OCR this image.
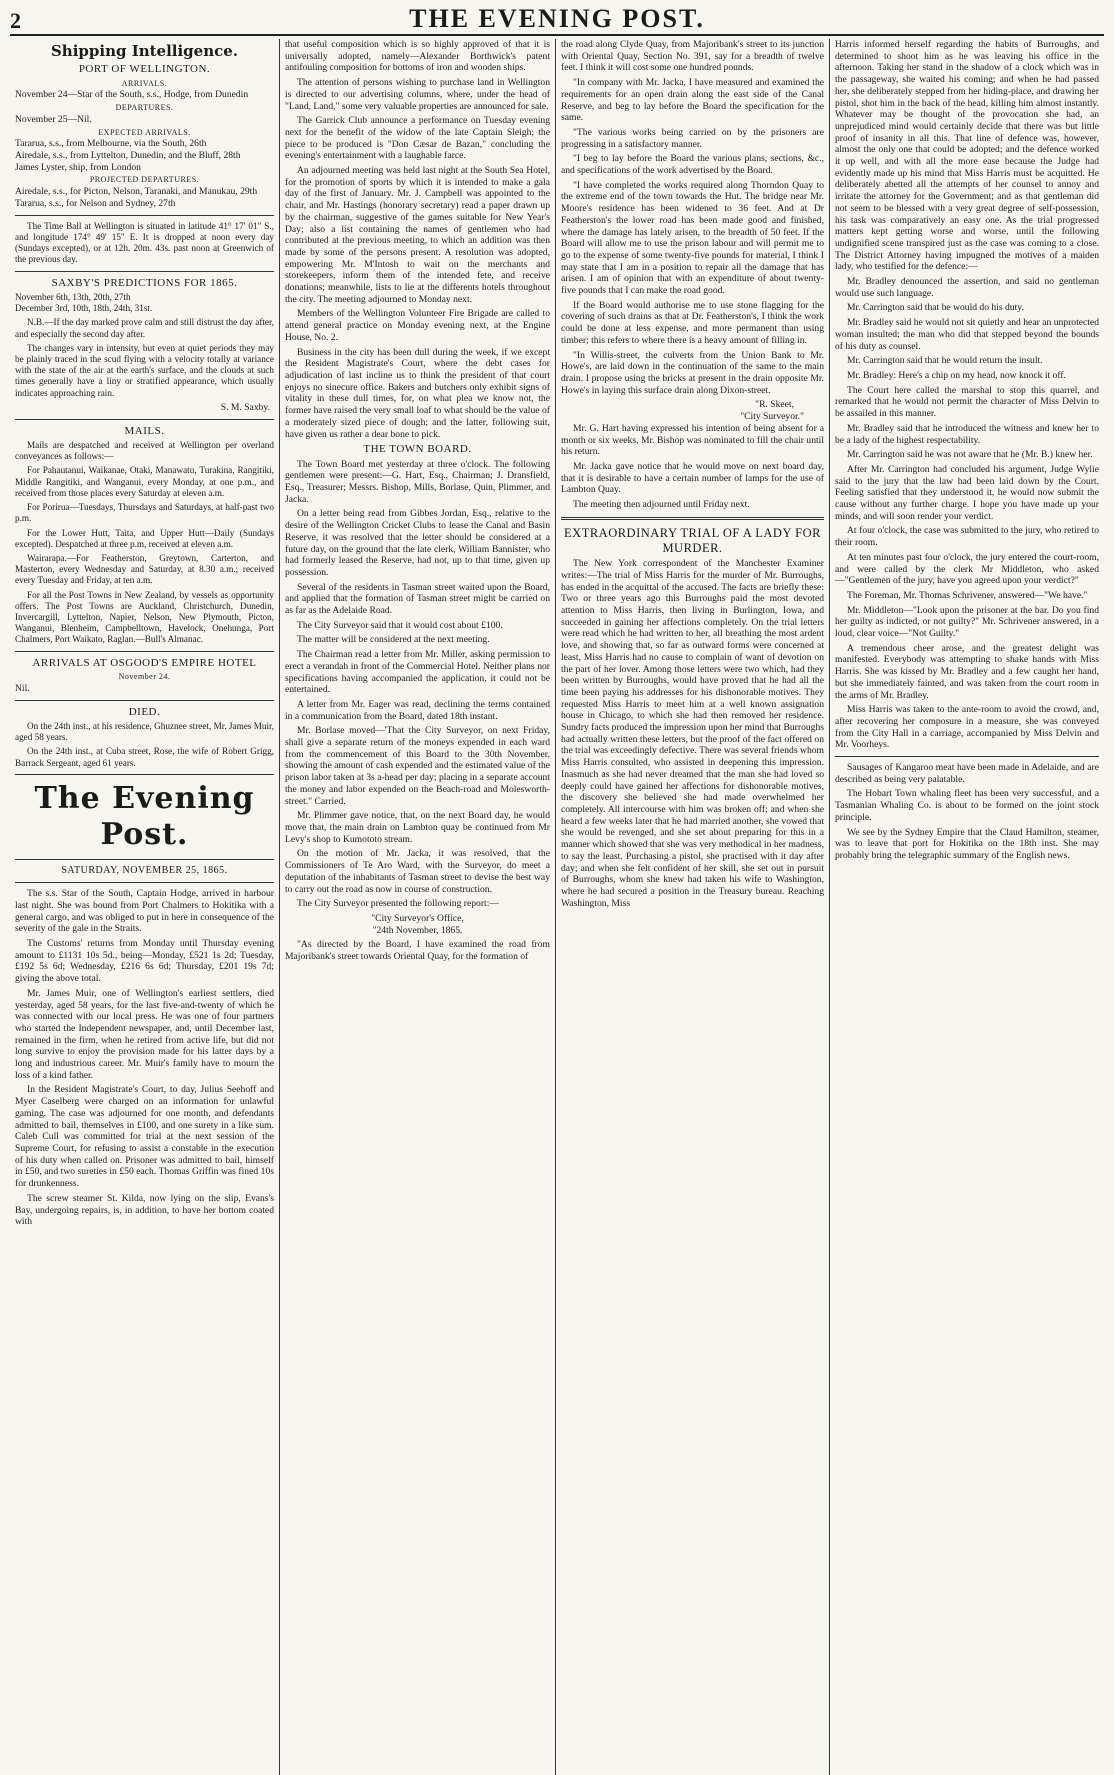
2	THE EVENING POST.
Shipping Intelligence.
PORT OF WELLINGTON.
ARRIVALS.

November 24—Star of the South, s.s., Hodge, from Dunedin

DEPARTURES.

November 25—Nil.

EXPECTED ARRIVALS.

Tararua, s.s., from Melbourne, via the South, 26th

Airedale, s.s., from Lyttelton, Dunedin, and the Bluff, 28th

James Lyster, ship, from London

PROJECTED DEPARTURES.

Airedale, s.s., for Picton, Nelson, Taranaki, and Manukau, 29th

Tararua, s.s., for Nelson and Sydney, 27th

The Time Ball at Wellington is situated in latitude 41° 17' 01" S., and longitude 174° 49' 15" E. It is dropped at noon every day (Sundays excepted), or at 12h. 20m. 43s. past noon at Greenwich of the previous day.

SAXBY'S PREDICTIONS FOR 1865.

November 6th, 13th, 20th, 27th
December 3rd, 10th, 18th, 24th, 31st.

N.B.—If the day marked prove calm and still distrust the day after, and especially the second day after.

The changes vary in intensity, but even at quiet periods they may be plainly traced in the scud flying with a velocity totally at variance with the state of the air at the earth's surface, and the clouds at such times generally have a liny or stratified appearance, which usually indicates approaching rain.

S. M. Saxby.
MAILS.

Mails are despatched and received at Wellington per overland conveyances as follows:—

For Pahautanui, Waikanae, Otaki, Manawatu, Turakina, Rangitiki, Middle Rangitiki, and Wanganui, every Monday, at one p.m., and received from those places every Saturday at eleven a.m.

For Porirua—Tuesdays, Thursdays and Saturdays, at half-past two p.m.

For the Lower Hutt, Taita, and Upper Hutt—Daily (Sundays excepted). Despatched at three p.m, received at eleven a.m.

Wairarapa.—For Featherston, Greytown, Carterton, and Masterton, every Wednesday and Saturday, at 8.30 a.m.; received every Tuesday and Friday, at ten a.m.

For all the Post Towns in New Zealand, by vessels as opportunity offers. The Post Towns are Auckland, Christchurch, Dunedin, Invercargill, Lyttelton, Napier, Nelson, New Plymouth, Picton, Wanganui, Blenheim, Campbelltown, Havelock, Onehunga, Port Chalmers, Port Waikato, Raglan.—Bull's Almanac.

ARRIVALS AT OSGOOD'S EMPIRE HOTEL
November 24.

Nil.

DIED.

On the 24th inst., at his residence, Ghuznee street, Mr. James Muir, aged 58 years.

On the 24th inst., at Cuba street, Rose, the wife of Robert Grigg, Barrack Sergeant, aged 61 years.

The Evening Post.
SATURDAY, NOVEMBER 25, 1865.

The s.s. Star of the South, Captain Hodge, arrived in harbour last night. She was bound from Port Chalmers to Hokitika with a general cargo, and was obliged to put in here in consequence of the severity of the gale in the Straits.

The Customs' returns from Monday until Thursday evening amount to £1131 10s 5d., being—Monday, £521 1s 2d; Tuesday, £192 5s 6d; Wednesday, £216 6s 6d; Thursday, £201 19s 7d; giving the above total.

Mr. James Muir, one of Wellington's earliest settlers, died yesterday, aged 58 years, for the last five-and-twenty of which he was connected with our local press. He was one of four partners who started the Independent newspaper, and, until December last, remained in the firm, when he retired from active life, but did not long survive to enjoy the provision made for his latter days by a long and industrious career. Mr. Muir's family have to mourn the loss of a kind father.

In the Resident Magistrate's Court, to day, Julius Seehoff and Myer Caselberg were charged on an information for unlawful gaming. The case was adjourned for one month, and defendants admitted to bail, themselves in £100, and one surety in a like sum. Caleb Cull was committed for trial at the next session of the Supreme Court, for refusing to assist a constable in the execution of his duty when called on. Prisoner was admitted to bail, himself in £50, and two sureties in £50 each. Thomas Griffin was fined 10s for drunkenness.

The screw steamer St. Kilda, now lying on the slip, Evans's Bay, undergoing repairs, is, in addition, to have her bottom coated with

that useful composition which is so highly approved of that it is universally adopted, namely—Alexander Borthwick's patent antifouling composition for bottoms of iron and wooden ships.

The attention of persons wishing to purchase land in Wellington is directed to our advertising columns, where, under the head of "Land, Land," some very valuable properties are announced for sale.

The Garrick Club announce a performance on Tuesday evening next for the benefit of the widow of the late Captain Sleigh; the piece to be produced is "Don Cæsar de Bazan," concluding the evening's entertainment with a laughable farce.

An adjourned meeting was held last night at the South Sea Hotel, for the promotion of sports by which it is intended to make a gala day of the first of January. Mr. J. Campbell was appointed to the chair, and Mr. Hastings (honorary secretary) read a paper drawn up by the chairman, suggestive of the games suitable for New Year's Day; also a list containing the names of gentlemen who had contributed at the previous meeting, to which an addition was then made by some of the persons present. A resolution was adopted, empowering Mr. M'Intosh to wait on the merchants and storekeepers, inform them of the intended fete, and receive donations; meanwhile, lists to lie at the differents hotels throughout the city. The meeting adjourned to Monday next.

Members of the Wellington Volunteer Fire Brigade are called to attend general practice on Monday evening next, at the Engine House, No. 2.

Business in the city has been dull during the week, if we except the Resident Magistrate's Court, where the debt cases for adjudication of last incline us to think the president of that court enjoys no sinecure office. Bakers and butchers only exhibit signs of vitality in these dull times, for, on what plea we know not, the former have raised the very small loaf to what should be the value of a moderately sized piece of dough; and the latter, following suit, have given us rather a dear bone to pick.

THE TOWN BOARD.

The Town Board met yesterday at three o'clock. The following gentlemen were present:—G. Hart, Esq., Chairman; J. Dransfield, Esq., Treasurer; Messrs. Bishop, Mills, Borlase, Quin, Plimmer, and Jacka.

On a letter being read from Gibbes Jordan, Esq., relative to the desire of the Wellington Cricket Clubs to lease the Canal and Basin Reserve, it was resolved that the letter should be considered at a future day, on the ground that the late clerk, William Bannister, who had formerly leased the Reserve, had not, up to that time, given up possession.

Several of the residents in Tasman street waited upon the Board, and applied that the formation of Tasman street might be carried on as far as the Adelaide Road.

The City Surveyor said that it would cost about £100.

The matter will be considered at the next meeting.

The Chairman read a letter from Mr. Miller, asking permission to erect a verandah in front of the Commercial Hotel. Neither plans nor specifications having accompanied the application, it could not be entertained.

A letter from Mr. Eager was read, declining the terms contained in a communication from the Board, dated 18th instant.

Mr. Borlase moved—'That the City Surveyor, on next Friday, shall give a separate return of the moneys expended in each ward from the commencement of this Board to the 30th November, showing the amount of cash expended and the estimated value of the prison labor taken at 3s a-head per day; placing in a separate account the money and labor expended on the Beach-road and Molesworth-street." Carried.

Mr. Plimmer gave notice, that, on the next Board day, he would move that, the main drain on Lambton quay be continued from Mr Levy's shop to Kumototo stream.

On the motion of Mr. Jacka, it was resolved, that the Commissioners of Te Aro Ward, with the Surveyor, do meet a deputation of the inhabitants of Tasman street to devise the best way to carry out the road as now in course of construction.

The City Surveyor presented the following report:—

"City Surveyor's Office,

"24th November, 1865.

"As directed by the Board, I have examined the road from Majoribank's street towards Oriental Quay, for the formation of

the road along Clyde Quay, from Majoribank's street to its junction with Oriental Quay, Section No. 391, say for a breadth of twelve feet. I think it will cost some one hundred pounds.

"In company with Mr. Jacka, I have measured and examined the requirements for an open drain along the east side of the Canal Reserve, and beg to lay before the Board the specification for the same.

"The various works being carried on by the prisoners are progressing in a satisfactory manner.

"I beg to lay before the Board the various plans, sections, &c., and specifications of the work advertised by the Board.

"I have completed the works required along Thorndon Quay to the extreme end of the town towards the Hut. The bridge near Mr. Moore's residence has been widened to 36 feet. And at Dr Featherston's the lower road has been made good and finished, where the damage has lately arisen, to the breadth of 50 feet. If the Board will allow me to use the prison labour and will permit me to go to the expense of some twenty-five pounds for material, I think I may state that I am in a position to repair all the damage that has arisen. I am of opinion that with an expenditure of about twenty-five pounds that I can make the road good.

If the Board would authorise me to use stone flagging for the covering of such drains as that at Dr. Featherston's, I think the work could be done at less expense, and more permanent than using timber; this refers to where there is a heavy amount of filling in.

"In Willis-street, the culverts from the Union Bank to Mr. Howe's, are laid down in the continuation of the same to the main drain. I propose using the bricks at present in the drain opposite Mr. Howe's in laying this surface drain along Dixon-street.

"R. Skeet,

"City Surveyor."

Mr. G. Hart having expressed his intention of being absent for a month or six weeks, Mr. Bishop was nominated to fill the chair until his return.

Mr. Jacka gave notice that he would move on next board day, that it is desirable to have a certain number of lamps for the use of Lambton Quay.

The meeting then adjourned until Friday next.

EXTRAORDINARY TRIAL OF A LADY FOR MURDER.

The New York correspondent of the Manchester Examiner writes:—The trial of Miss Harris for the murder of Mr. Burroughs, has ended in the acquittal of the accused. The facts are briefly these: Two or three years ago this Burroughs paid the most devoted attention to Miss Harris, then living in Burlington, Iowa, and succeeded in gaining her affections completely. On the trial letters were read which he had written to her, all breathing the most ardent love, and showing that, so far as outward forms were concerned at least, Miss Harris had no cause to complain of want of devotion on the part of her lover. Among those letters were two which, had they been written by Burroughs, would have proved that he had all the time been paying his addresses for his dishonorable motives. They requested Miss Harris to meet him at a well known assignation house in Chicago, to which she had then removed her residence. Sundry facts produced the impression upon her mind that Burroughs had actually written these letters, but the proof of the fact offered on the trial was exceedingly defective. There was several friends whom Miss Harris consulted, who assisted in deepening this impression. Inasmuch as she had never dreamed that the man she had loved so deeply could have gained her affections for dishonorable motives, the discovery she believed she had made overwhelmed her completely. All intercourse with him was broken off; and when she heard a few weeks later that he had married another, she vowed that she would be revenged, and she set about preparing for this in a manner which showed that she was very methodical in her madness, to say the least. Purchasing a pistol, she practised with it day after day; and when she felt confident of her skill, she set out in pursuit of Burroughs, whom she knew had taken his wife to Washington, where he had secured a position in the Treasury bureau. Reaching Washington, Miss

Harris informed herself regarding the habits of Burroughs, and determined to shoot him as he was leaving his office in the afternoon. Taking her stand in the shadow of a clock which was in the passageway, she waited his coming; and when he had passed her, she deliberately stepped from her hiding-place, and drawing her pistol, shot him in the back of the head, killing him almost instantly. Whatever may be thought of the provocation she had, an unprejudiced mind would certainly decide that there was but little proof of insanity in all this. That line of defence was, however, almost the only one that could be adopted; and the defence worked it up well, and with all the more ease because the Judge had evidently made up his mind that Miss Harris must be acquitted. He deliberately abetted all the attempts of her counsel to annoy and irritate the attorney for the Government; and as that gentleman did not seem to be blessed with a very great degree of self-possession, his task was comparatively an easy one. As the trial progressed matters kept getting worse and worse, until the following undignified scene transpired just as the case was coming to a close. The District Attorney having impugned the motives of a maiden lady, who testified for the defence:—

Mr. Bradley denounced the assertion, and said no gentleman would use such language.

Mr. Carrington said that he would do his duty.

Mr. Bradley said he would not sit quietly and hear an unprotected woman insulted; the man who did that stepped beyond the bounds of his duty as counsel.

Mr. Carrington said that he would return the insult.

Mr. Bradley: Here's a chip on my head, now knock it off.

The Court here called the marshal to stop this quarrel, and remarked that he would not permit the character of Miss Delvin to be assailed in this manner.

Mr. Bradley said that he introduced the witness and knew her to be a lady of the highest respectability.

Mr. Carrington said he was not aware that he (Mr. B.) knew her.

After Mr. Carrington had concluded his argument, Judge Wylie said to the jury that the law had been laid down by the Court. Feeling satisfied that they understood it, he would now submit the cause without any further charge. I hope you have made up your minds, and will soon render your verdict.

At four o'clock, the case was submitted to the jury, who retired to their room.

At ten minutes past four o'clock, the jury entered the court-room, and were called by the clerk Mr Middleton, who asked—"Gentlemen of the jury, have you agreed upon your verdict?"

The Foreman, Mr. Thomas Schrivener, answered—"We have."

Mr. Middleton—"Look upon the prisoner at the bar. Do you find her guilty as indicted, or not guilty?" Mr. Schrivener answered, in a loud, clear voice—"Not Guilty."

A tremendous cheer arose, and the greatest delight was manifested. Everybody was attempting to shake hands with Miss Harris. She was kissed by Mr. Bradley and a few caught her hand, but she immediately fainted, and was taken from the court room in the arms of Mr. Bradley.

Miss Harris was taken to the ante-room to avoid the crowd, and, after recovering her composure in a measure, she was conveyed from the City Hall in a carriage, accompanied by Miss Delvin and Mr. Voorheys.

Sausages of Kangaroo meat have been made in Adelaide, and are described as being very palatable.

The Hobart Town whaling fleet has been very successful, and a Tasmanian Whaling Co. is about to be formed on the joint stock principle.

We see by the Sydney Empire that the Claud Hamilton, steamer, was to leave that port for Hokitika on the 18th inst. She may probably bring the telegraphic summary of the English news.
